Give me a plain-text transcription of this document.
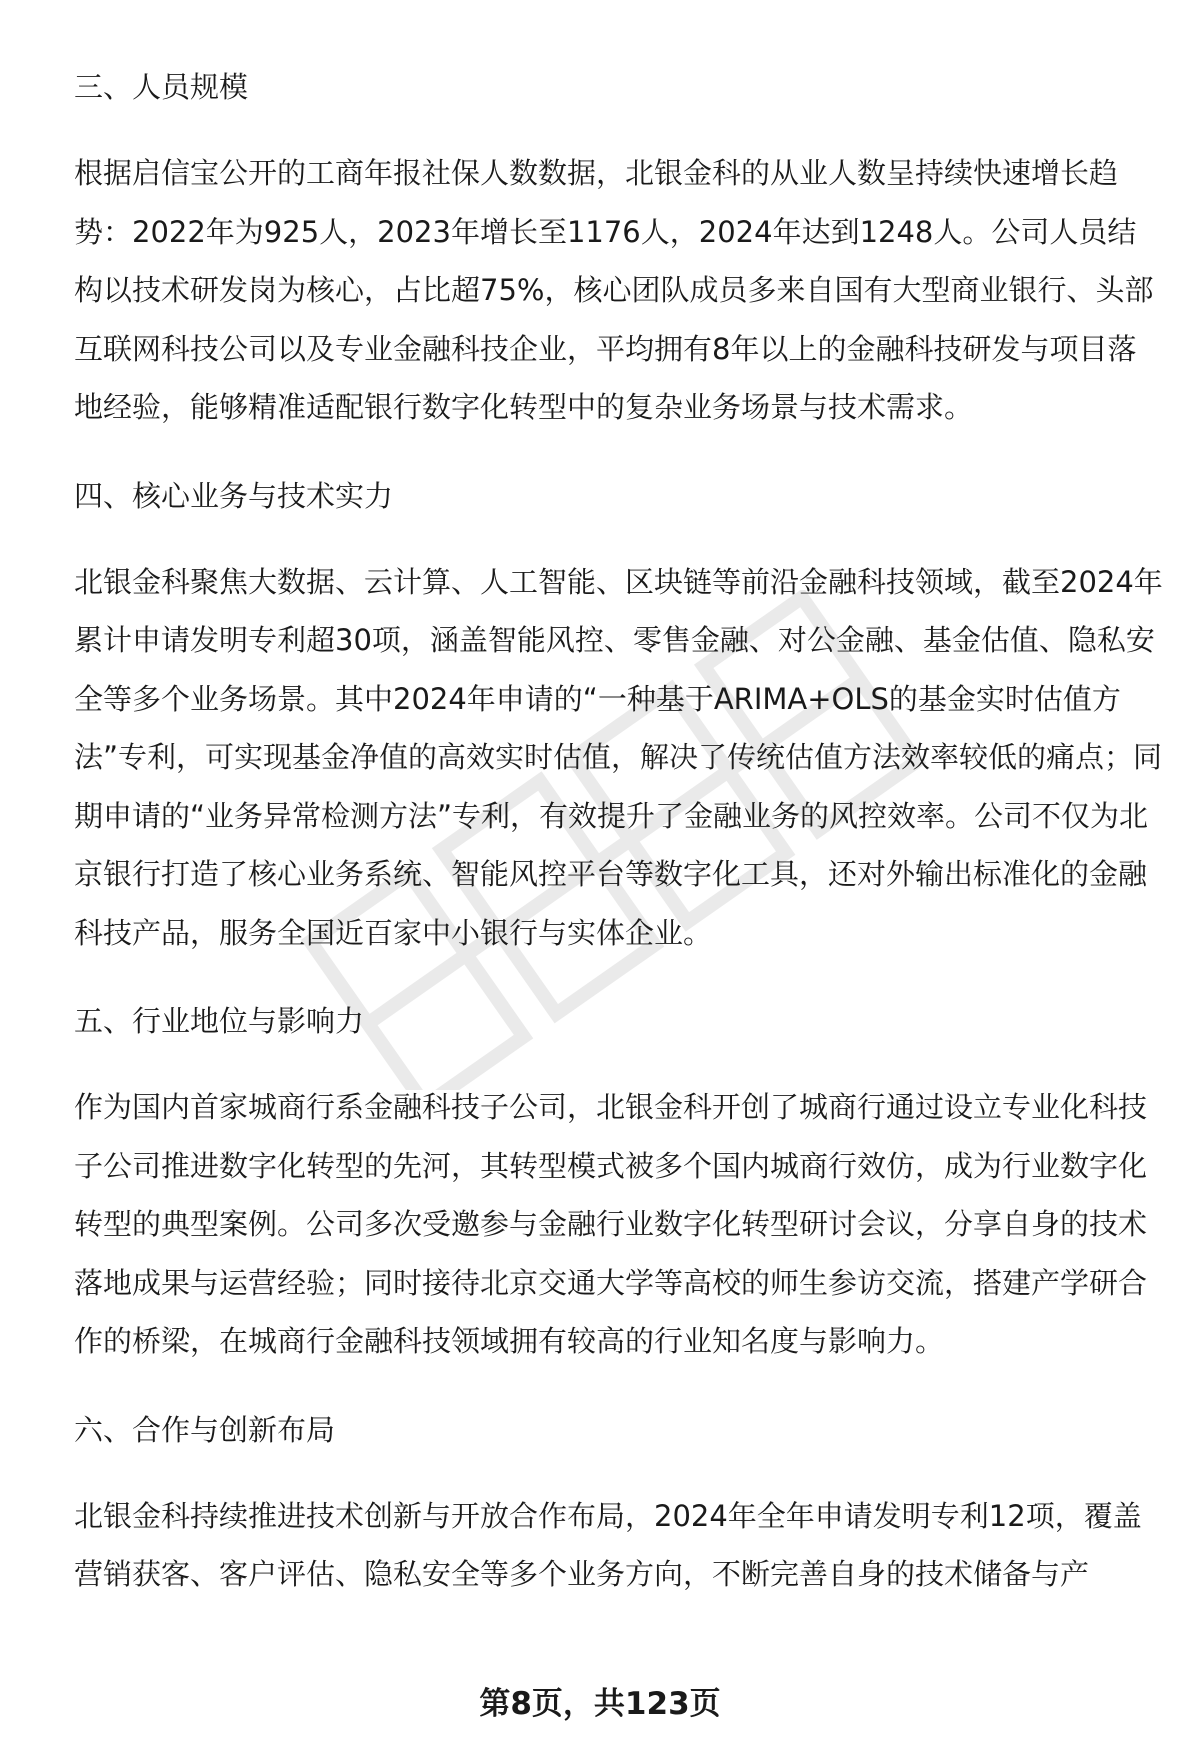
三、人员规模

根据启信宝公开的工商年报社保人数数据，北银金科的从业人数呈持续快速增长趋势：2022年为925人，2023年增长至1176人，2024年达到1248人。公司人员结构以技术研发岗为核心，占比超75%，核心团队成员多来自国有大型商业银行、头部互联网科技公司以及专业金融科技企业，平均拥有8年以上的金融科技研发与项目落地经验，能够精准适配银行数字化转型中的复杂业务场景与技术需求。

四、核心业务与技术实力

北银金科聚焦大数据、云计算、人工智能、区块链等前沿金融科技领域，截至2024年累计申请发明专利超30项，涵盖智能风控、零售金融、对公金融、基金估值、隐私安全等多个业务场景。其中2024年申请的“一种基于ARIMA+OLS的基金实时估值方法”专利，可实现基金净值的高效实时估值，解决了传统估值方法效率较低的痛点；同期申请的“业务异常检测方法”专利，有效提升了金融业务的风控效率。公司不仅为北京银行打造了核心业务系统、智能风控平台等数字化工具，还对外输出标准化的金融科技产品，服务全国近百家中小银行与实体企业。

五、行业地位与影响力

作为国内首家城商行系金融科技子公司，北银金科开创了城商行通过设立专业化科技子公司推进数字化转型的先河，其转型模式被多个国内城商行效仿，成为行业数字化转型的典型案例。公司多次受邀参与金融行业数字化转型研讨会议，分享自身的技术落地成果与运营经验；同时接待北京交通大学等高校的师生参访交流，搭建产学研合作的桥梁，在城商行金融科技领域拥有较高的行业知名度与影响力。

六、合作与创新布局

北银金科持续推进技术创新与开放合作布局，2024年全年申请发明专利12项，覆盖营销获客、客户评估、隐私安全等多个业务方向，不断完善自身的技术储备与产

第8页，共123页
